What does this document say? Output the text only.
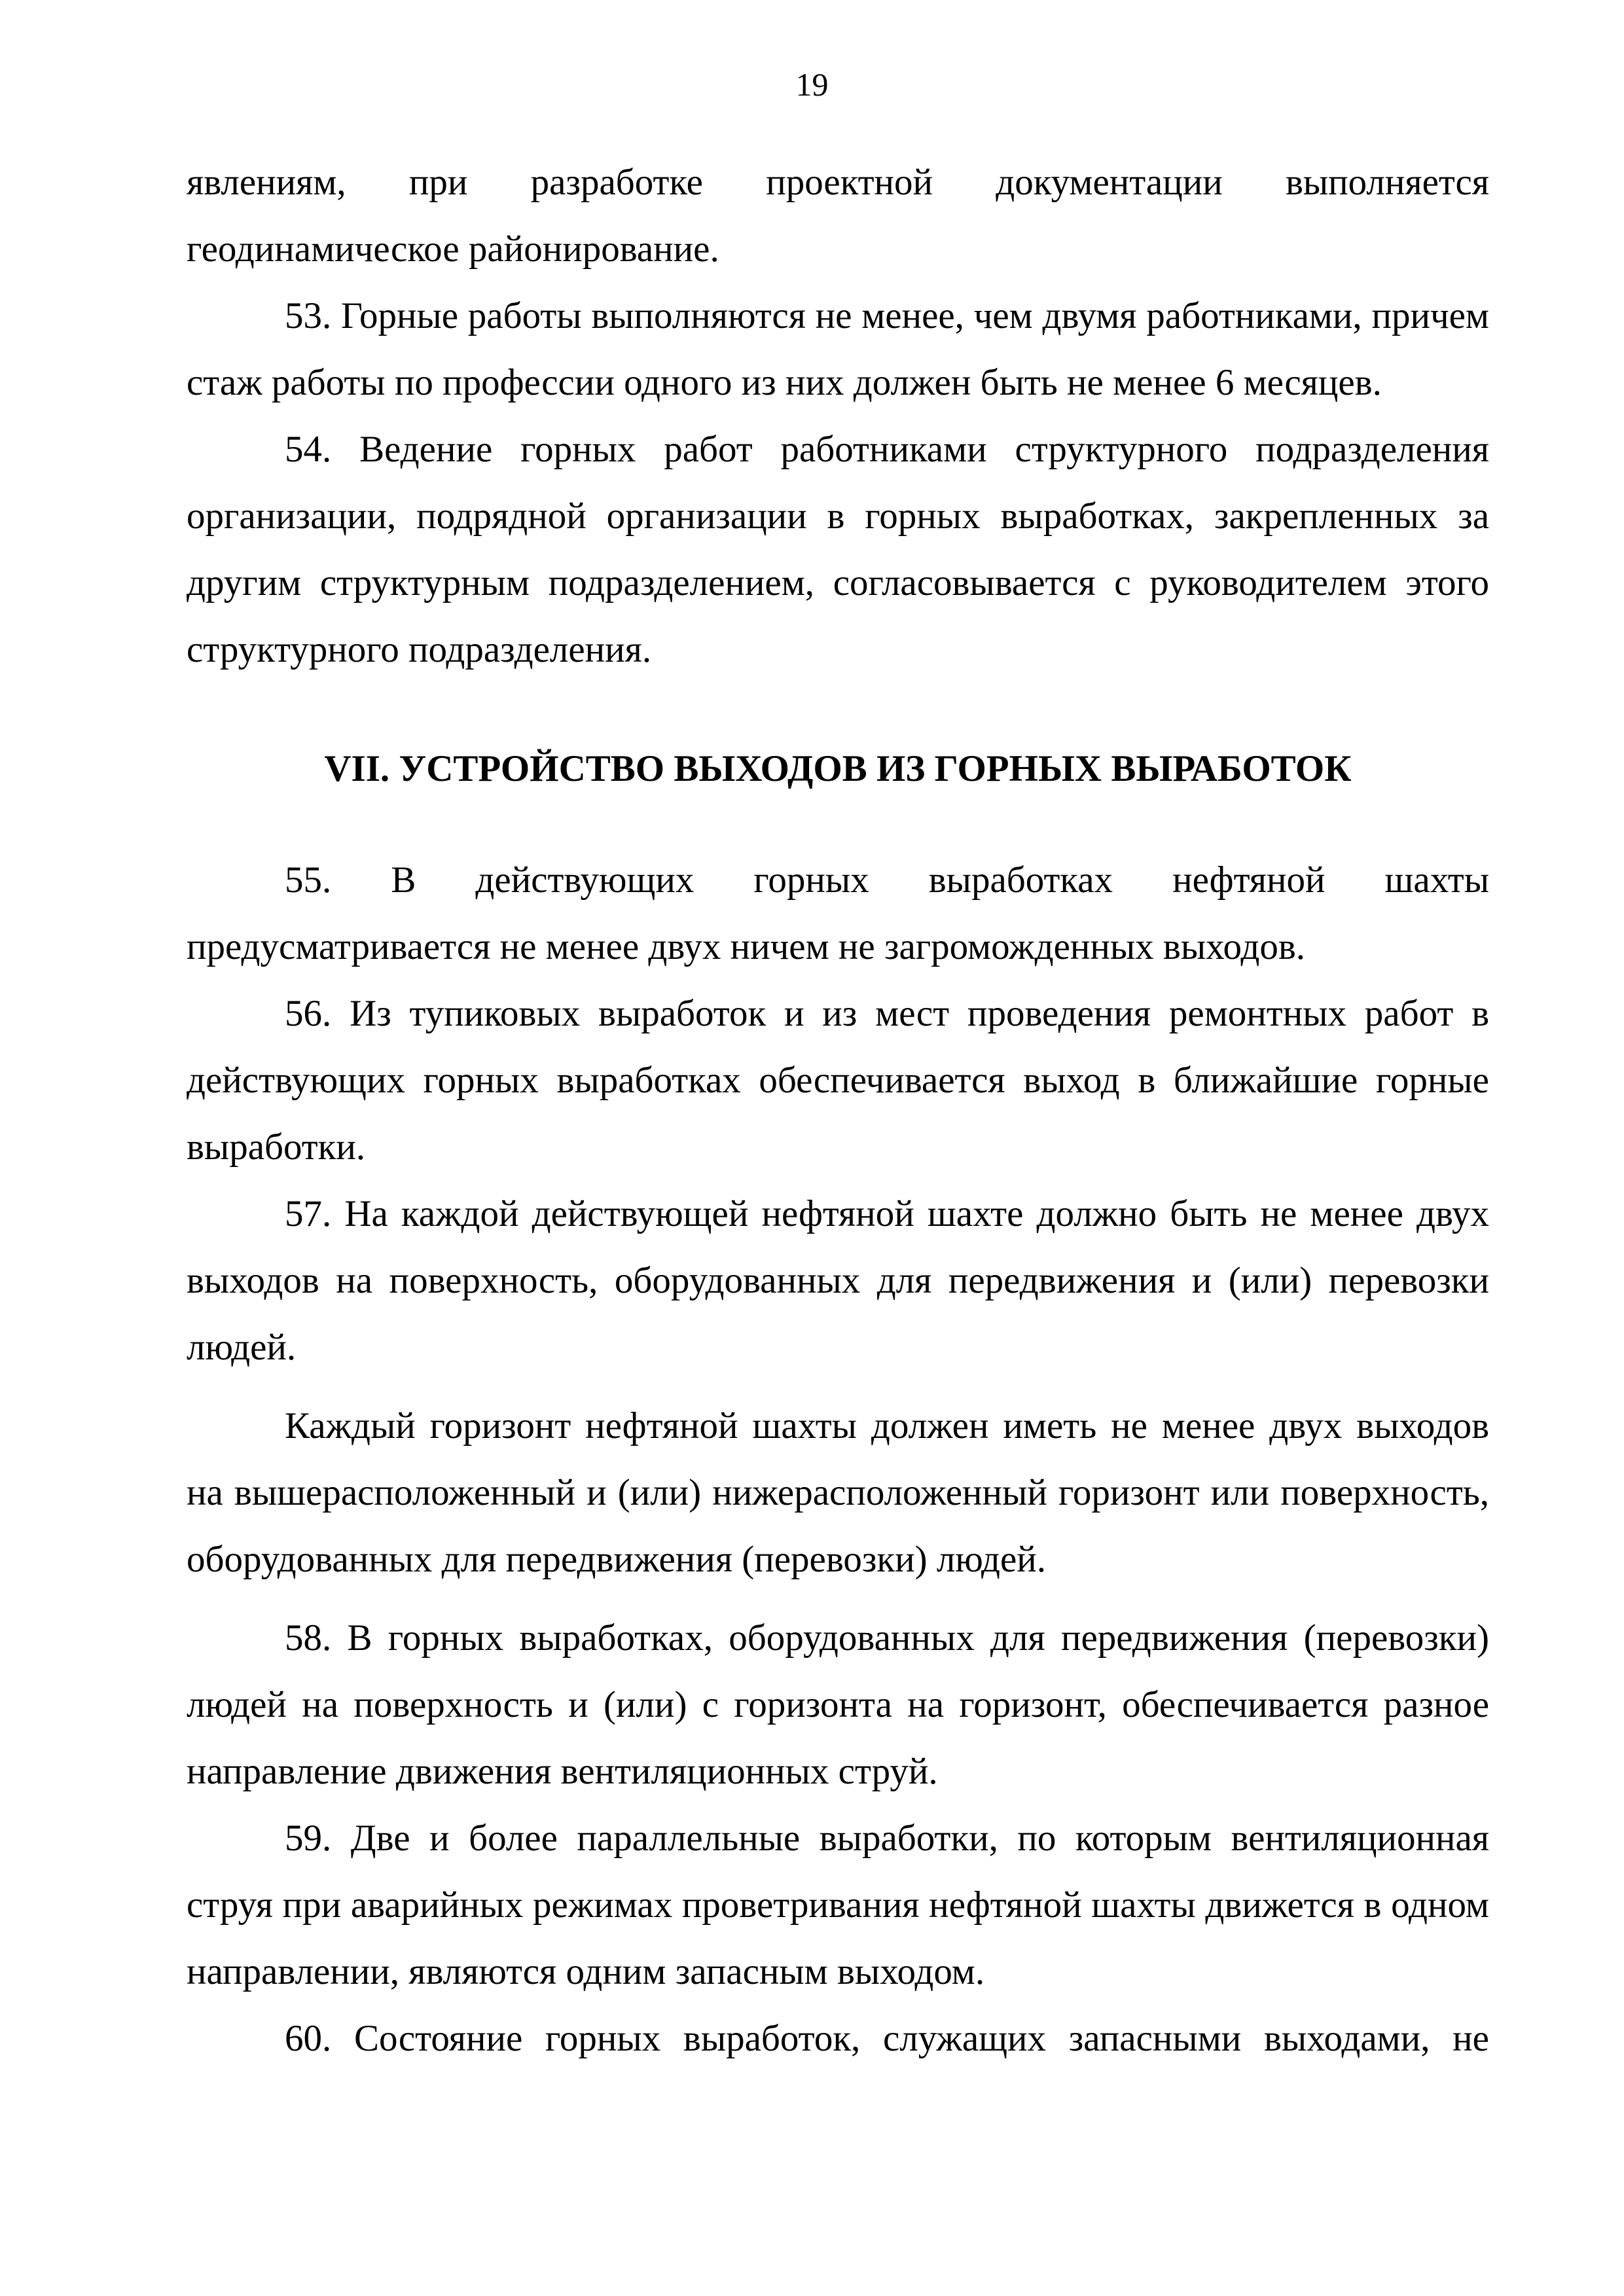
19

явлениям, при разработке проектной документации выполняется геодинамическое районирование.

53. Горные работы выполняются не менее, чем двумя работниками, причем стаж работы по профессии одного из них должен быть не менее 6 месяцев.

54. Ведение горных работ работниками структурного подразделения организации, подрядной организации в горных выработках, закрепленных за другим структурным подразделением, согласовывается с руководителем этого структурного подразделения.

VII. УСТРОЙСТВО ВЫХОДОВ ИЗ ГОРНЫХ ВЫРАБОТОК

55. В действующих горных выработках нефтяной шахты предусматривается не менее двух ничем не загроможденных выходов.

56. Из тупиковых выработок и из мест проведения ремонтных работ в действующих горных выработках обеспечивается выход в ближайшие горные выработки.

57. На каждой действующей нефтяной шахте должно быть не менее двух выходов на поверхность, оборудованных для передвижения и (или) перевозки людей.

Каждый горизонт нефтяной шахты должен иметь не менее двух выходов на вышерасположенный и (или) нижерасположенный горизонт или поверхность, оборудованных для передвижения (перевозки) людей.

58. В горных выработках, оборудованных для передвижения (перевозки) людей на поверхность и (или) с горизонта на горизонт, обеспечивается разное направление движения вентиляционных струй.

59. Две и более параллельные выработки, по которым вентиляционная струя при аварийных режимах проветривания нефтяной шахты движется в одном направлении, являются одним запасным выходом.

60. Состояние горных выработок, служащих запасными выходами, не
